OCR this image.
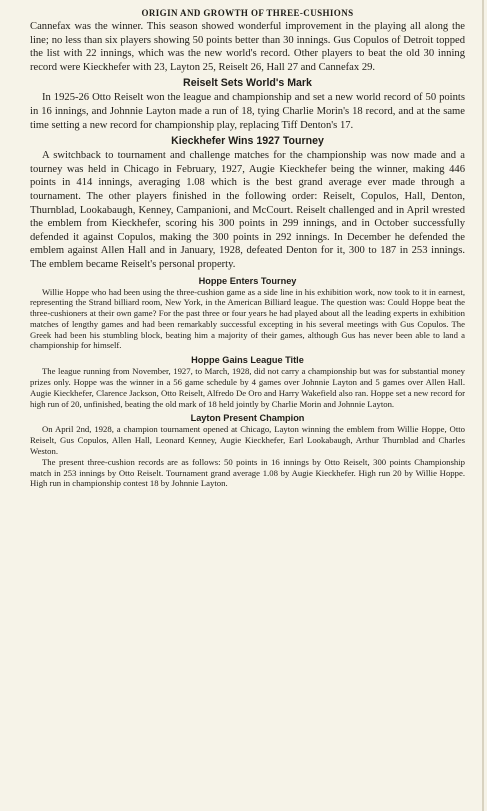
ORIGIN AND GROWTH OF THREE-CUSHIONS

Cannefax was the winner. This season showed wonderful improvement in the playing all along the line; no less than six players showing 50 points better than 30 innings. Gus Copulos of Detroit topped the list with 22 innings, which was the new world's record. Other players to beat the old 30 inning record were Kieckhefer with 23, Layton 25, Reiselt 26, Hall 27 and Cannefax 29.

Reiselt Sets World's Mark

In 1925-26 Otto Reiselt won the league and championship and set a new world record of 50 points in 16 innings, and Johnnie Layton made a run of 18, tying Charlie Morin's 18 record, and at the same time setting a new record for championship play, replacing Tiff Denton's 17.

Kieckhefer Wins 1927 Tourney

A switchback to tournament and challenge matches for the championship was now made and a tourney was held in Chicago in February, 1927, Augie Kieckhefer being the winner, making 446 points in 414 innings, averaging 1.08 which is the best grand average ever made through a tournament. The other players finished in the following order: Reiselt, Copulos, Hall, Denton, Thurnblad, Lookabaugh, Kenney, Campanioni, and McCourt. Reiselt challenged and in April wrested the emblem from Kieckhefer, scoring his 300 points in 299 innings, and in October successfully defended it against Copulos, making the 300 points in 292 innings. In December he defended the emblem against Allen Hall and in January, 1928, defeated Denton for it, 300 to 187 in 253 innings. The emblem became Reiselt's personal property.

Hoppe Enters Tourney

Willie Hoppe who had been using the three-cushion game as a side line in his exhibition work, now took to it in earnest, representing the Strand billiard room, New York, in the American Billiard league. The question was: Could Hoppe beat the three-cushioners at their own game? For the past three or four years he had played about all the leading experts in exhibition matches of lengthy games and had been remarkably successful excepting in his several meetings with Gus Copulos. The Greek had been his stumbling block, beating him a majority of their games, although Gus has never been able to land a championship for himself.

Hoppe Gains League Title

The league running from November, 1927, to March, 1928, did not carry a championship but was for substantial money prizes only. Hoppe was the winner in a 56 game schedule by 4 games over Johnnie Layton and 5 games over Allen Hall. Augie Kieckhefer, Clarence Jackson, Otto Reiselt, Alfredo De Oro and Harry Wakefield also ran. Hoppe set a new record for high run of 20, unfinished, beating the old mark of 18 held jointly by Charlie Morin and Johnnie Layton.

Layton Present Champion

On April 2nd, 1928, a champion tournament opened at Chicago, Layton winning the emblem from Willie Hoppe, Otto Reiselt, Gus Copulos, Allen Hall, Leonard Kenney, Augie Kieckhefer, Earl Lookabaugh, Arthur Thurnblad and Charles Weston.

The present three-cushion records are as follows: 50 points in 16 innings by Otto Reiselt, 300 points Championship match in 253 innings by Otto Reiselt. Tournament grand average 1.08 by Augie Kieckhefer. High run 20 by Willie Hoppe. High run in championship contest 18 by Johnnie Layton.
